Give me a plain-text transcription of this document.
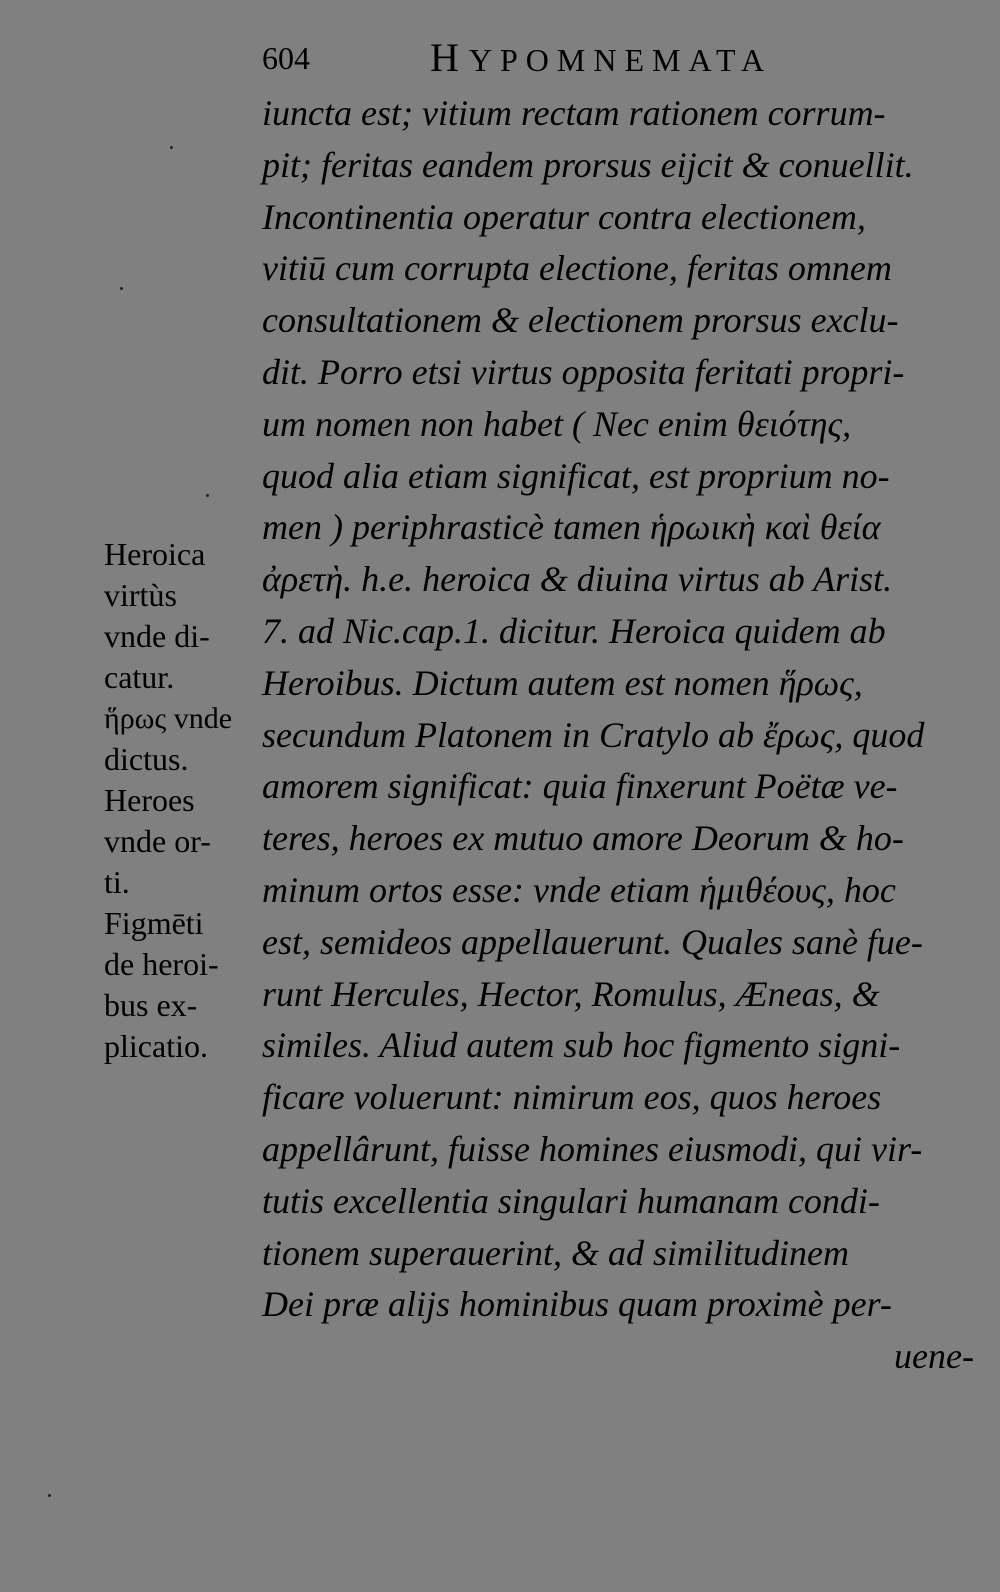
604	HYPOMNEMATA
iuncta est; vitium rectam rationem corrum-
pit; feritas eandem prorsus eijcit & conuellit.
Incontinentia operatur contra electionem,
vitiū cum corrupta electione, feritas omnem
consultationem & electionem prorsus exclu-
dit. Porro etsi virtus opposita feritati propri-
um nomen non habet ( Nec enim θειότης,
quod alia etiam significat, est proprium no-
men ) periphrasticè tamen ἡρωικὴ καὶ θεία
ἀρετὴ. h.e. heroica & diuina virtus ab Arist.
7. ad Nic.cap.1. dicitur. Heroica quidem ab
Heroibus. Dictum autem est nomen ἥρως,
secundum Platonem in Cratylo ab ἔρως, quod
amorem significat: quia finxerunt Poëtæ ve-
teres, heroes ex mutuo amore Deorum & ho-
minum ortos esse: vnde etiam ἡμιθέους, hoc
est, semideos appellauerunt. Quales sanè fue-
runt Hercules, Hector, Romulus, Æneas, &
similes. Aliud autem sub hoc figmento signi-
ficare voluerunt: nimirum eos, quos heroes
appellârunt, fuisse homines eiusmodi, qui vir-
tutis excellentia singulari humanam condi-
tionem superauerint, & ad similitudinem
Dei præ alijs hominibus quam proximè per-
uene-
Heroica
virtùs
vnde di-
catur.
ἥρως vnde
dictus.
Heroes
vnde or-
ti.
Figmēti
de heroi-
bus ex-
plicatio.
